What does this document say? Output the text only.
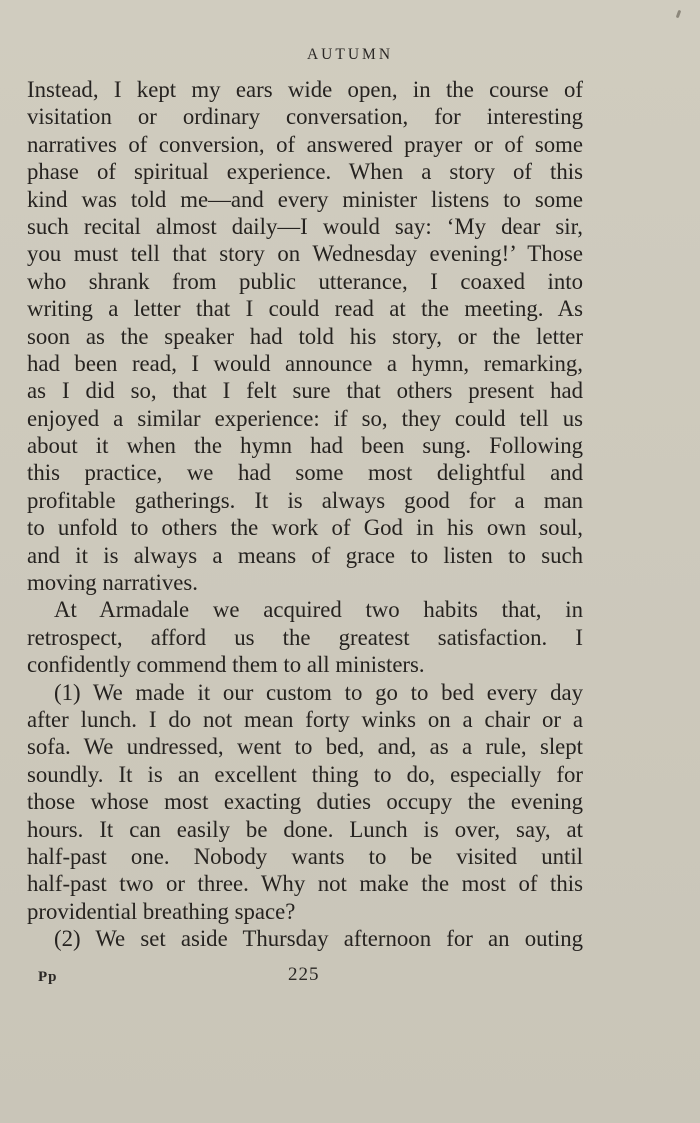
AUTUMN
Instead, I kept my ears wide open, in the course of
visitation or ordinary conversation, for interesting
narratives of conversion, of answered prayer or of some
phase of spiritual experience. When a story of this
kind was told me—and every minister listens to some
such recital almost daily—I would say: ‘My dear sir,
you must tell that story on Wednesday evening!’ Those
who shrank from public utterance, I coaxed into
writing a letter that I could read at the meeting. As
soon as the speaker had told his story, or the letter
had been read, I would announce a hymn, remarking,
as I did so, that I felt sure that others present had
enjoyed a similar experience: if so, they could tell us
about it when the hymn had been sung. Following
this practice, we had some most delightful and
profitable gatherings. It is always good for a man
to unfold to others the work of God in his own soul,
and it is always a means of grace to listen to such
moving narratives.
At Armadale we acquired two habits that, in
retrospect, afford us the greatest satisfaction. I
confidently commend them to all ministers.
(1) We made it our custom to go to bed every day
after lunch. I do not mean forty winks on a chair or a
sofa. We undressed, went to bed, and, as a rule, slept
soundly. It is an excellent thing to do, especially for
those whose most exacting duties occupy the evening
hours. It can easily be done. Lunch is over, say, at
half-past one. Nobody wants to be visited until
half-past two or three. Why not make the most of this
providential breathing space?
(2) We set aside Thursday afternoon for an outing
Pp	225
